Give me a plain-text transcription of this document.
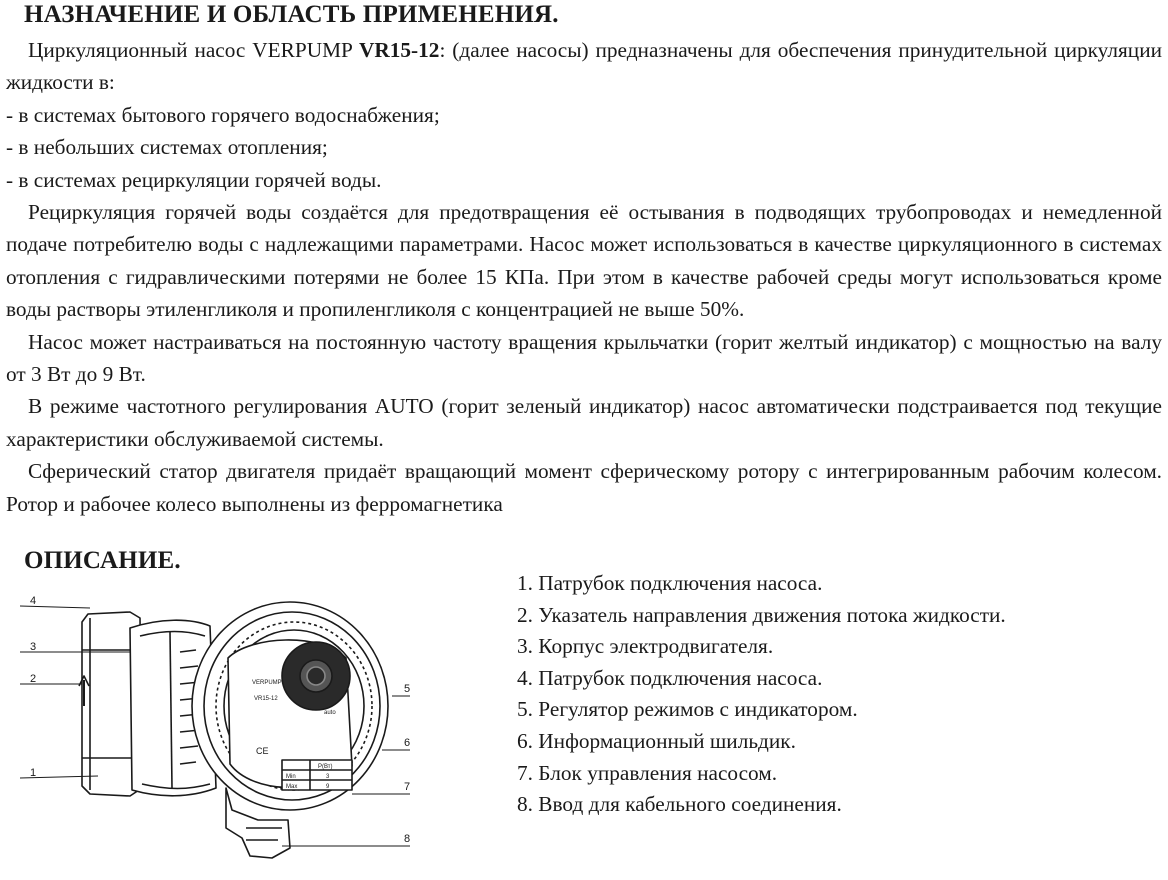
НАЗНАЧЕНИЕ И ОБЛАСТЬ ПРИМЕНЕНИЯ.

Циркуляционный насос VERPUMP VR15-12: (далее насосы) предназначены для обеспечения принудительной циркуляции жидкости в:

- в системах бытового горячего водоснабжения;

- в небольших системах отопления;

- в системах рециркуляции горячей воды.

Рециркуляция горячей воды создаётся для предотвращения её остывания в подводящих трубопроводах и немедленной подаче потребителю воды с надлежащими параметрами. Насос может использоваться в качестве циркуляционного в системах отопления с гидравлическими потерями не более 15 КПа. При этом в качестве рабочей среды могут использоваться кроме воды растворы этиленгликоля и пропиленгликоля с концентрацией не выше 50%.

Насос может настраиваться на постоянную частоту вращения крыльчатки (горит желтый индикатор) с мощностью на валу от 3 Вт до 9 Вт.

В режиме частотного регулирования AUTO (горит зеленый индикатор) насос автоматически подстраивается под текущие характеристики обслуживаемой системы.

Сферический статор двигателя придаёт вращающий момент сферическому ротору с интегрированным рабочим колесом. Ротор и рабочее колесо выполнены из ферромагнетика

ОПИСАНИЕ.
1. Патрубок подключения насоса.
2. Указатель направления движения потока жидкости.
3. Корпус электродвигателя.
4. Патрубок подключения насоса.
5. Регулятор режимов с индикатором.
6. Информационный шильдик.
7. Блок управления насосом.
8. Ввод для кабельного соединения.
4
3
2
1
5
6
7
8
VERPUMP
VR15-12
CE
P(Вт)
Min	3
Max	9
auto
